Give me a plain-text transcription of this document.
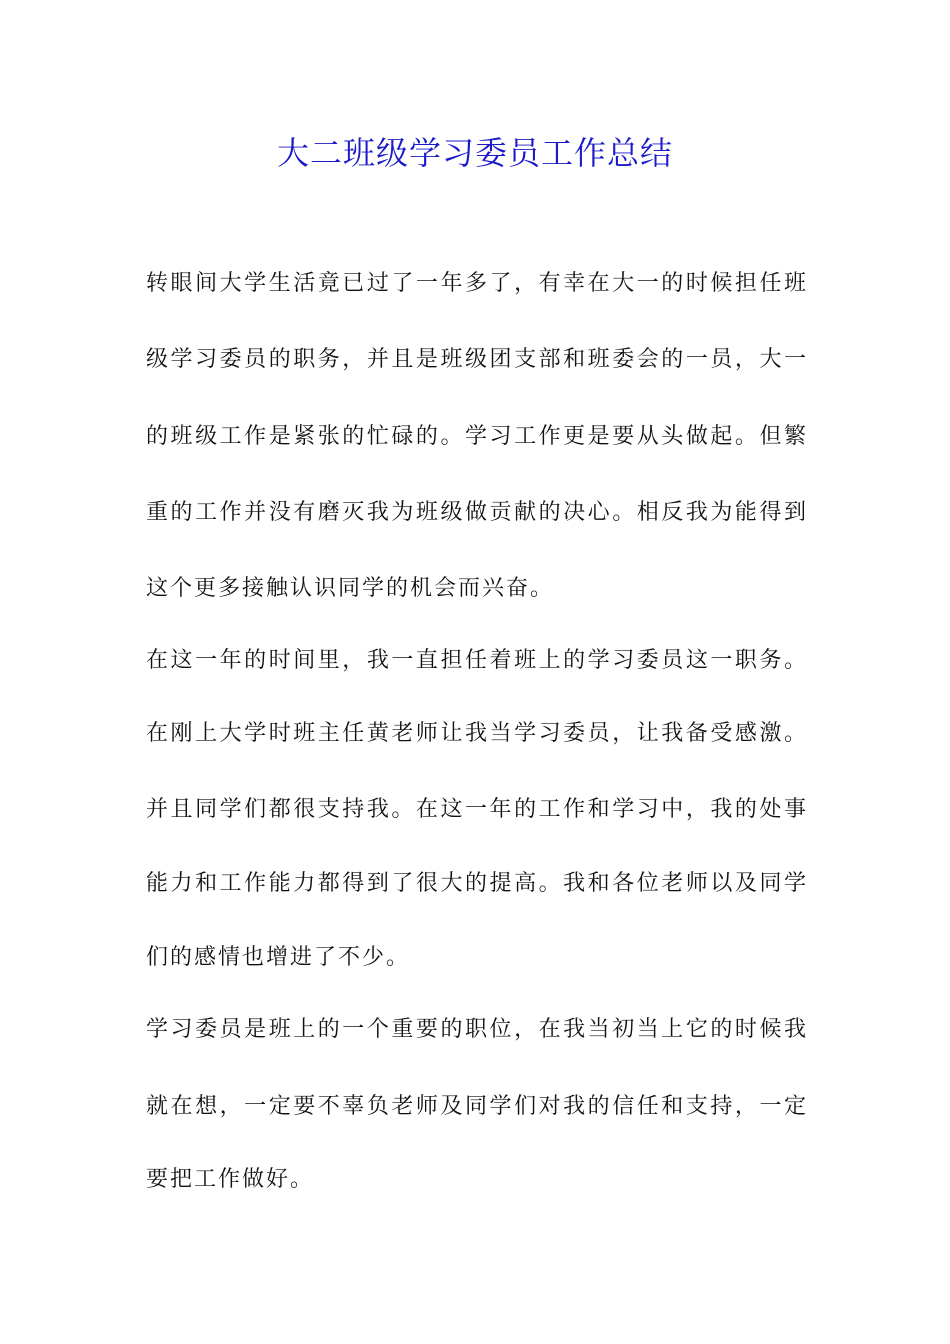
大二班级学习委员工作总结

转眼间大学生活竟已过了一年多了，有幸在大一的时候担任班

级学习委员的职务，并且是班级团支部和班委会的一员，大一

的班级工作是紧张的忙碌的。学习工作更是要从头做起。但繁

重的工作并没有磨灭我为班级做贡献的决心。相反我为能得到

这个更多接触认识同学的机会而兴奋。

在这一年的时间里，我一直担任着班上的学习委员这一职务。

在刚上大学时班主任黄老师让我当学习委员，让我备受感激。

并且同学们都很支持我。在这一年的工作和学习中，我的处事

能力和工作能力都得到了很大的提高。我和各位老师以及同学

们的感情也增进了不少。

学习委员是班上的一个重要的职位，在我当初当上它的时候我

就在想，一定要不辜负老师及同学们对我的信任和支持，一定

要把工作做好。
